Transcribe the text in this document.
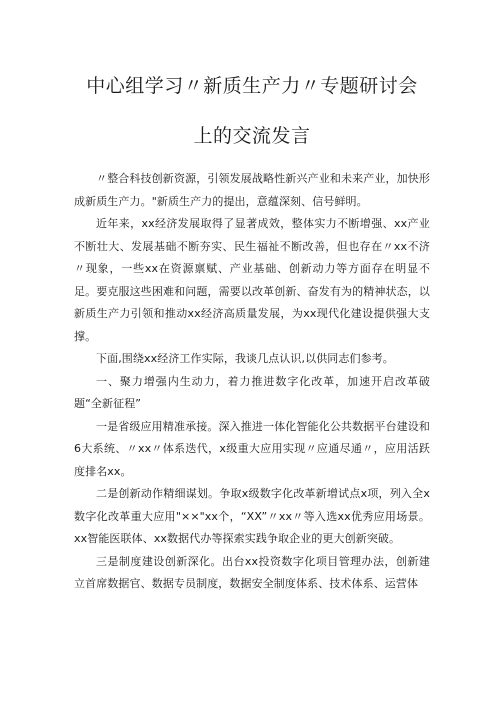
中心组学习〃新质生产力〃专题研讨会
上的交流发言

〃整合科技创新资源，引领发展战略性新兴产业和未来产业，加快形成新质生产力。"新质生产力的提出，意蕴深刻、信号鲜明。

近年来，xx经济发展取得了显著成效，整体实力不断增强、xx产业不断壮大、发展基础不断夯实、民生福祉不断改善，但也存在〃xx不济〃现象，一些xx在资源禀赋、产业基础、创新动力等方面存在明显不足。要克服这些困难和问题，需要以改革创新、奋发有为的精神状态，以新质生产力引领和推动xx经济高质量发展，为xx现代化建设提供强大支撑。

下面,围绕xx经济工作实际，我谈几点认识,以供同志们参考。

一、聚力增强内生动力，着力推进数字化改革，加速开启改革破题“全新征程”

一是省级应用精准承接。深入推进一体化智能化公共数据平台建设和6大系统、〃xx〃体系迭代，x级重大应用实现〃应通尽通〃，应用活跃度排名xx。

二是创新动作精细谋划。争取x级数字化改革新增试点x项，列入全x数字化改革重大应用"××"xx个，“XX”〃xx〃等入选xx优秀应用场景。xx智能医联体、xx数据代办等探索实践争取企业的更大创新突破。

三是制度建设创新深化。出台xx投资数字化项目管理办法，创新建立首席数据官、数据专员制度，数据安全制度体系、技术体系、运营体
